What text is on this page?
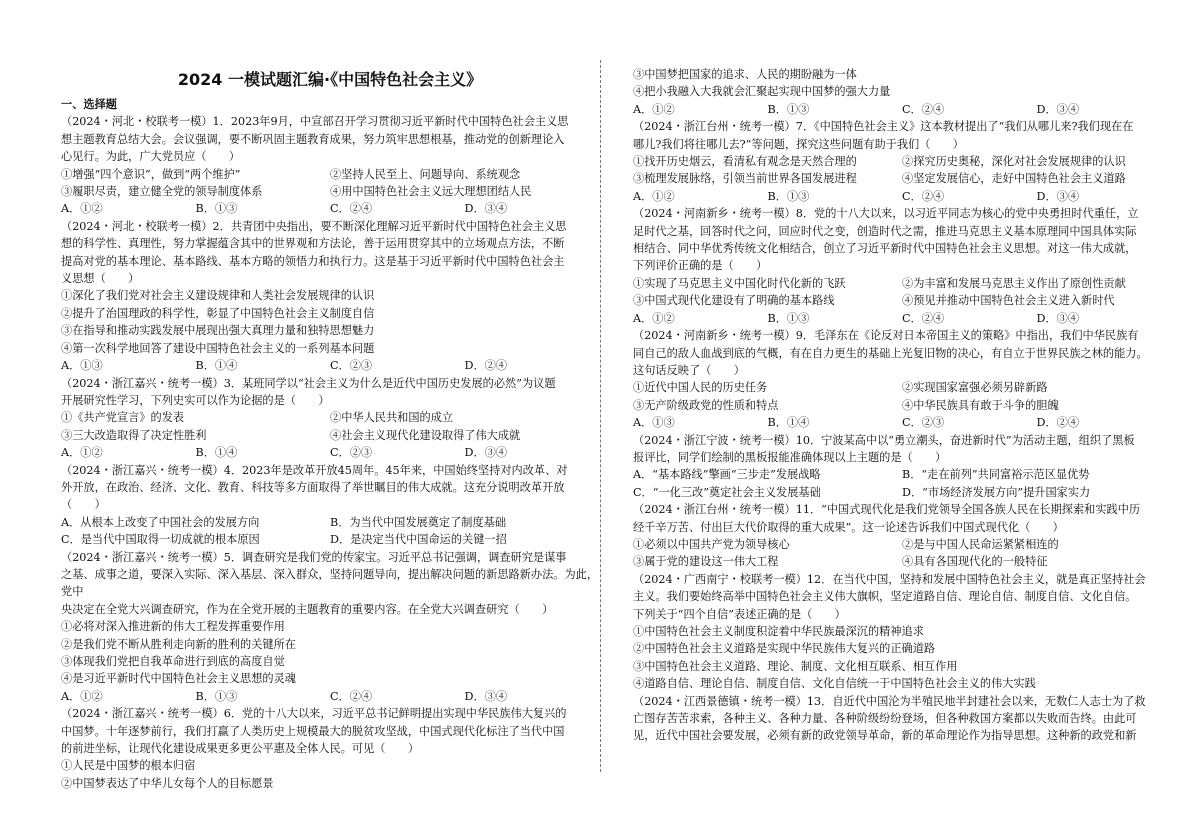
2024 一模试题汇编·《中国特色社会主义》

一、选择题

（2024・河北・校联考一模）1．2023年9月，中宣部召开学习贯彻习近平新时代中国特色社会主义思

想主题教育总结大会。会议强调，要不断巩固主题教育成果，努力筑牢思想根基，推动党的创新理论入

心见行。为此，广大党员应（　　）

①增强“四个意识”，做到“两个维护”	②坚持人民至上、问题导向、系统观念
③履职尽责，建立健全党的领导制度体系	④用中国特色社会主义远大理想团结人民
A．①②	B．①③	C．②④	D．③④

（2024・河北・校联考一模）2．共青团中央指出，要不断深化理解习近平新时代中国特色社会主义思

想的科学性、真理性，努力掌握蕴含其中的世界观和方法论，善于运用贯穿其中的立场观点方法，不断

提高对党的基本理论、基本路线、基本方略的领悟力和执行力。这是基于习近平新时代中国特色社会主

义思想（　　）

①深化了我们党对社会主义建设规律和人类社会发展规律的认识

②提升了治国理政的科学性，彰显了中国特色社会主义制度自信

③在指导和推动实践发展中展现出强大真理力量和独特思想魅力

④第一次科学地回答了建设中国特色社会主义的一系列基本问题

A．①③	B．①④	C．②③	D．②④

（2024・浙江嘉兴・统考一模）3．某班同学以“社会主义为什么是近代中国历史发展的必然”为议题

开展研究性学习，下列史实可以作为论据的是（　　）

①《共产党宣言》的发表	②中华人民共和国的成立
③三大改造取得了决定性胜利	④社会主义现代化建设取得了伟大成就
A．①②	B．①④	C．②③	D．③④

（2024・浙江嘉兴・统考一模）4．2023年是改革开放45周年。45年来，中国始终坚持对内改革、对

外开放，在政治、经济、文化、教育、科技等多方面取得了举世瞩目的伟大成就。这充分说明改革开放

（　　）

A．从根本上改变了中国社会的发展方向	B．为当代中国发展奠定了制度基础
C．是当代中国取得一切成就的根本原因	D．是决定当代中国命运的关键一招

（2024・浙江嘉兴・统考一模）5．调查研究是我们党的传家宝。习近平总书记强调，调查研究是谋事

之基、成事之道，要深入实际、深入基层、深入群众，坚持问题导向，提出解决问题的新思路新办法。为此，党中

央决定在全党大兴调查研究，作为在全党开展的主题教育的重要内容。在全党大兴调查研究（　　）

①必将对深入推进新的伟大工程发挥重要作用

②是我们党不断从胜利走向新的胜利的关键所在

③体现我们党把自我革命进行到底的高度自觉

④是习近平新时代中国特色社会主义思想的灵魂

A．①②	B．①③	C．②④	D．③④

（2024・浙江嘉兴・统考一模）6．党的十八大以来，习近平总书记鲜明提出实现中华民族伟大复兴的

中国梦。十年逐梦前行，我们打赢了人类历史上规模最大的脱贫攻坚战，中国式现代化标注了当代中国

的前进坐标，让现代化建设成果更多更公平惠及全体人民。可见（　　）

①人民是中国梦的根本归宿

②中国梦表达了中华儿女每个人的目标愿景

③中国梦把国家的追求、人民的期盼融为一体

④把小我融入大我就会汇聚起实现中国梦的强大力量

A．①②	B．①③	C．②④	D．③④

（2024・浙江台州・统考一模）7．《中国特色社会主义》这本教材提出了“我们从哪儿来?我们现在在

哪儿?我们将往哪儿去?”等问题，探究这些问题有助于我们（　　）

①找开历史烟云，看清私有观念是天然合理的	②探究历史奥秘，深化对社会发展规律的认识
③梳理发展脉络，引领当前世界各国发展进程	④坚定发展信心，走好中国特色社会主义道路
A．①②	B．①③	C．②④	D．③④

（2024・河南新乡・统考一模）8．党的十八大以来，以习近平同志为核心的党中央勇担时代重任，立

足时代之基，回答时代之问，回应时代之变，创造时代之需，推进马克思主义基本原理同中国具体实际

相结合、同中华优秀传统文化相结合，创立了习近平新时代中国特色社会主义思想。对这一伟大成就，

下列评价正确的是（　　）

①实现了马克思主义中国化时代化新的飞跃	②为丰富和发展马克思主义作出了原创性贡献
③中国式现代化建设有了明确的基本路线	④预见并推动中国特色社会主义进入新时代
A．①②	B．①③	C．②④	D．③④

（2024・河南新乡・统考一模）9．毛泽东在《论反对日本帝国主义的策略》中指出，我们中华民族有

同自己的敌人血战到底的气概，有在自力更生的基础上光复旧物的决心，有自立于世界民族之林的能力。

这句话反映了（　　）

①近代中国人民的历史任务	②实现国家富强必须另辟新路
③无产阶级政党的性质和特点	④中华民族具有敢于斗争的胆魄
A．①③	B．①④	C．②③	D．②④

（2024・浙江宁波・统考一模）10．宁波某高中以“勇立潮头，奋进新时代”为活动主题，组织了黑板

报评比，同学们绘制的黑板报能准确体现以上主题的是（　　）

A．“基本路线”擎画“三步走”发展战略	B．“走在前列”共同富裕示范区显优势
C．“一化三改”奠定社会主义发展基础	D．“市场经济发展方向”提升国家实力

（2024・浙江台州・统考一模）11．“中国式现代化是我们党领导全国各族人民在长期探索和实践中历

经千辛万苦、付出巨大代价取得的重大成果”。这一论述告诉我们中国式现代化（　　）

①必须以中国共产党为领导核心	②是与中国人民命运紧紧相连的
③属于党的建设这一伟大工程	④具有各国现代化的一般特征

（2024・广西南宁・校联考一模）12．在当代中国，坚持和发展中国特色社会主义，就是真正坚持社会

主义。我们要始终高举中国特色社会主义伟大旗帜，坚定道路自信、理论自信、制度自信、文化自信。

下列关于“四个自信”表述正确的是（　　）

①中国特色社会主义制度积淀着中华民族最深沉的精神追求

②中国特色社会主义道路是实现中华民族伟大复兴的正确道路

③中国特色社会主义道路、理论、制度、文化相互联系、相互作用

④道路自信、理论自信、制度自信、文化自信统一于中国特色社会主义的伟大实践

（2024・江西景德镇・统考一模）13．自近代中国沦为半殖民地半封建社会以来，无数仁人志士为了救

亡图存苦苦求索，各种主义、各种力量、各种阶级纷纷登场，但各种救国方案都以失败而告终。由此可

见，近代中国社会要发展，必须有新的政党领导革命，新的革命理论作为指导思想。这种新的政党和新
